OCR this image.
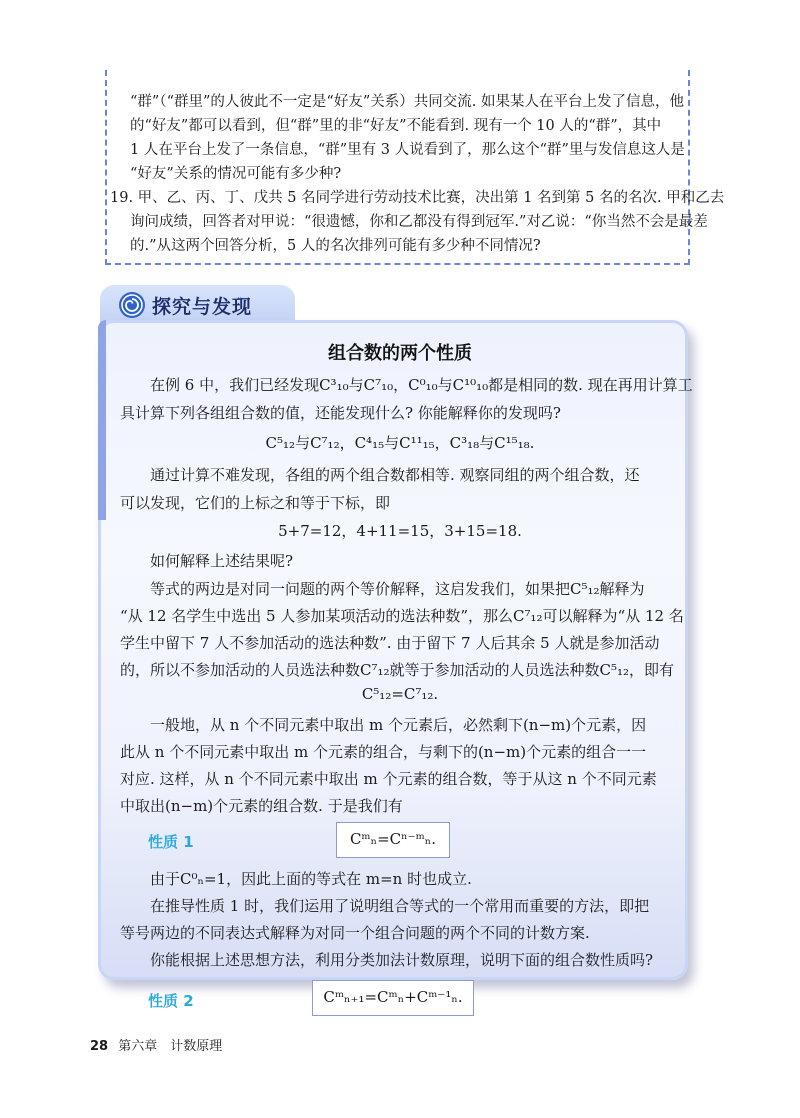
“群”（“群里”的人彼此不一定是“好友”关系）共同交流. 如果某人在平台上发了信息，他
的“好友”都可以看到，但“群”里的非“好友”不能看到. 现有一个 10 人的“群”，其中
1 人在平台上发了一条信息，“群”里有 3 人说看到了，那么这个“群”里与发信息这人是
“好友”关系的情况可能有多少种?
19. 甲、乙、丙、丁、戊共 5 名同学进行劳动技术比赛，决出第 1 名到第 5 名的名次. 甲和乙去
询问成绩，回答者对甲说：“很遗憾，你和乙都没有得到冠军.”对乙说：“你当然不会是最差
的.”从这两个回答分析，5 人的名次排列可能有多少种不同情况?
探究与发现
组合数的两个性质
在例 6 中，我们已经发现C³₁₀与C⁷₁₀，C⁰₁₀与C¹⁰₁₀都是相同的数. 现在再用计算工
具计算下列各组组合数的值，还能发现什么? 你能解释你的发现吗?
C⁵₁₂与C⁷₁₂，C⁴₁₅与C¹¹₁₅，C³₁₈与C¹⁵₁₈.
通过计算不难发现，各组的两个组合数都相等. 观察同组的两个组合数，还
可以发现，它们的上标之和等于下标，即
5+7=12，4+11=15，3+15=18.
如何解释上述结果呢?
等式的两边是对同一问题的两个等价解释，这启发我们，如果把C⁵₁₂解释为
“从 12 名学生中选出 5 人参加某项活动的选法种数”，那么C⁷₁₂可以解释为“从 12 名
学生中留下 7 人不参加活动的选法种数”. 由于留下 7 人后其余 5 人就是参加活动
的，所以不参加活动的人员选法种数C⁷₁₂就等于参加活动的人员选法种数C⁵₁₂，即有
C⁵₁₂=C⁷₁₂.
一般地，从 n 个不同元素中取出 m 个元素后，必然剩下(n−m)个元素，因
此从 n 个不同元素中取出 m 个元素的组合，与剩下的(n−m)个元素的组合一一
对应. 这样，从 n 个不同元素中取出 m 个元素的组合数，等于从这 n 个不同元素
中取出(n−m)个元素的组合数. 于是我们有
性质 1	Cᵐₙ=Cⁿ⁻ᵐₙ.
由于C⁰ₙ=1，因此上面的等式在 m=n 时也成立.
在推导性质 1 时，我们运用了说明组合等式的一个常用而重要的方法，即把
等号两边的不同表达式解释为对同一个组合问题的两个不同的计数方案.
你能根据上述思想方法，利用分类加法计数原理，说明下面的组合数性质吗?
性质 2	Cᵐₙ₊₁=Cᵐₙ+Cᵐ⁻¹ₙ.
28 第六章　计数原理
